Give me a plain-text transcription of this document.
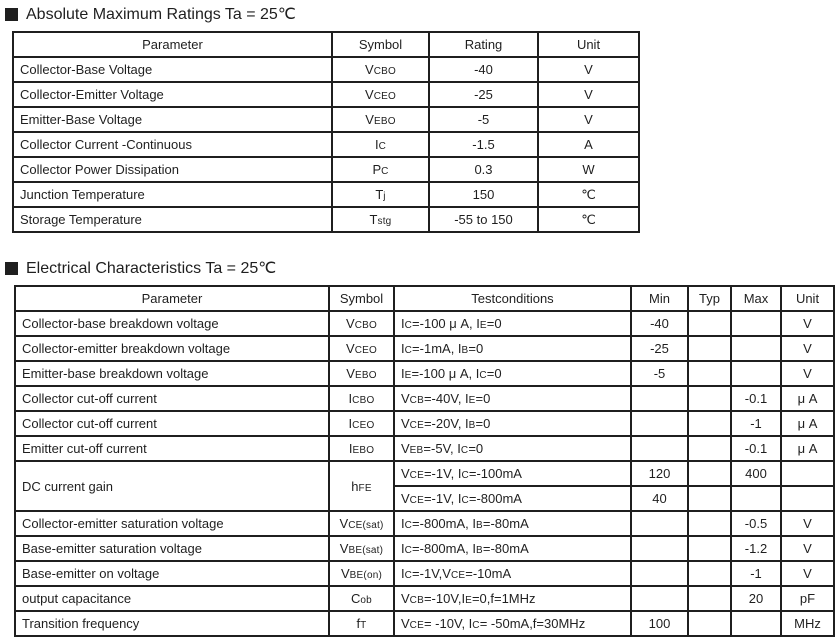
Absolute Maximum Ratings Ta = 25℃
Parameter	Symbol	Rating	Unit
Collector-Base Voltage	VCBO	-40	V
Collector-Emitter Voltage	VCEO	-25	V
Emitter-Base Voltage	VEBO	-5	V
Collector Current -Continuous	IC	-1.5	A
Collector Power Dissipation	PC	0.3	W
Junction Temperature	Tj	150	℃
Storage Temperature	Tstg	-55 to 150	℃
Electrical Characteristics Ta = 25℃
Parameter	Symbol	Testconditions	Min	Typ	Max	Unit
Collector-base breakdown voltage	VCBO	IC=-100 μ A, IE=0	-40			V
Collector-emitter breakdown voltage	VCEO	IC=-1mA, IB=0	-25			V
Emitter-base breakdown voltage	VEBO	IE=-100 μ A, IC=0	-5			V
Collector cut-off current	ICBO	VCB=-40V, IE=0			-0.1	μ A
Collector cut-off current	ICEO	VCE=-20V, IB=0			-1	μ A
Emitter cut-off current	IEBO	VEB=-5V, IC=0			-0.1	μ A
DC current gain	hFE	VCE=-1V, IC=-100mA	120		400	
		VCE=-1V, IC=-800mA	40			
Collector-emitter saturation voltage	VCE(sat)	IC=-800mA, IB=-80mA			-0.5	V
Base-emitter saturation voltage	VBE(sat)	IC=-800mA, IB=-80mA			-1.2	V
Base-emitter on voltage	VBE(on)	IC=-1V,VCE=-10mA			-1	V
output capacitance	Cob	VCB=-10V,IE=0,f=1MHz			20	pF
Transition frequency	fT	VCE= -10V, IC= -50mA,f=30MHz	100			MHz
